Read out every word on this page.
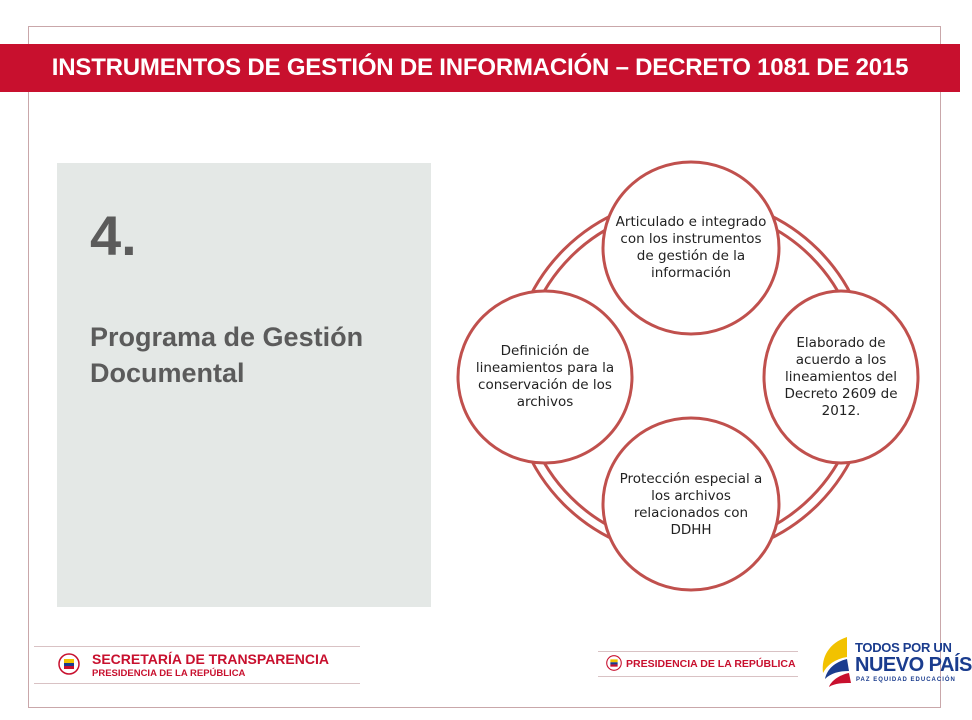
INSTRUMENTOS DE GESTIÓN DE INFORMACIÓN – DECRETO 1081 DE 2015
4.
Programa de Gestión Documental
Articulado e integrado con los instrumentos de gestión de la información
Elaborado de acuerdo a los lineamientos del Decreto 2609 de 2012.
Protección especial a los archivos relacionados con DDHH
Definición de lineamientos para la conservación de los archivos
SECRETARÍA DE TRANSPARENCIA
PRESIDENCIA DE LA REPÚBLICA
PRESIDENCIA DE LA REPÚBLICA
TODOS POR UN
NUEVO PAÍS
PAZ EQUIDAD EDUCACIÓN
